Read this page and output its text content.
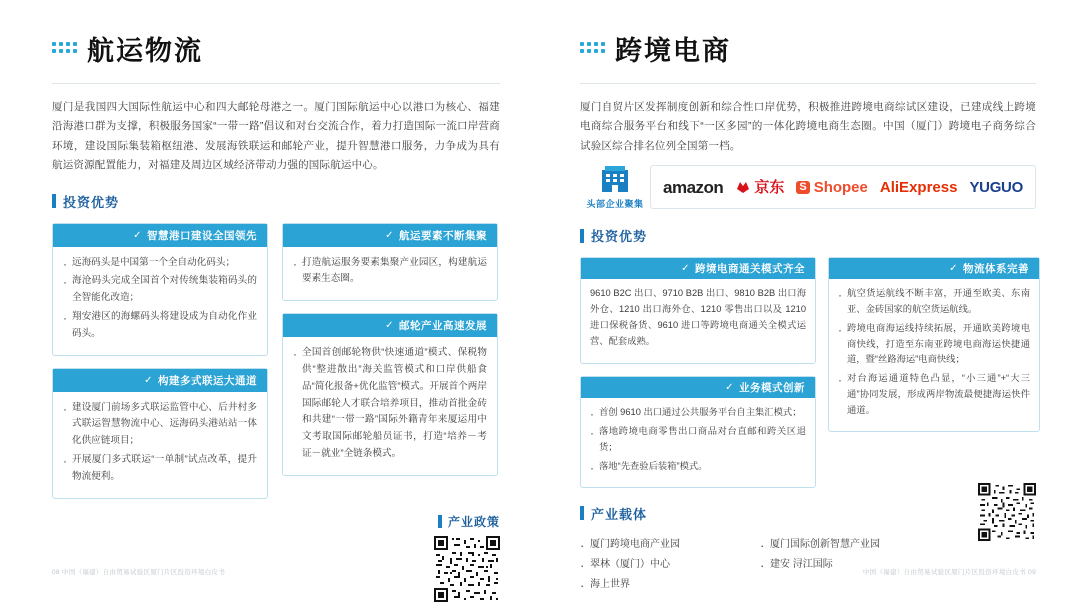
航运物流
厦门是我国四大国际性航运中心和四大邮轮母港之一。厦门国际航运中心以港口为核心、福建沿海港口群为支撑，积极服务国家“一带一路”倡议和对台交流合作，着力打造国际一流口岸营商环境，建设国际集装箱枢纽港、发展海铁联运和邮轮产业，提升智慧港口服务，力争成为具有航运资源配置能力，对福建及周边区域经济带动力强的国际航运中心。
投资优势
✓ 智慧港口建设全国领先
· 远海码头是中国第一个全自动化码头；
· 海沧码头完成全国首个对传统集装箱码头的全智能化改造；
· 翔安港区的海螺码头将建设成为自动化作业码头。
✓ 构建多式联运大通道
· 建设厦门前场多式联运监管中心、后井村多式联运智慧物流中心、远海码头港站站一体化供应链项目；
· 开展厦门多式联运“一单制”试点改革，提升物流便利。
✓ 航运要素不断集聚
· 打造航运服务要素集聚产业园区，构建航运要素生态圈。
✓ 邮轮产业高速发展
· 全国首创邮轮物供“快速通道”模式、保税物供“整进散出”海关监管模式和口岸供船食品“简化报备+优化监管”模式。开展首个两岸国际邮轮人才联合培养项目，推动首批金砖和共建“一带一路”国际外籍青年来厦运用中文考取国际邮轮船员证书，打造“培养－考证－就业”全链条模式。
产业政策
08 中国（福建）自由贸易试验区厦门片区投资环境白皮书
跨境电商
厦门自贸片区发挥制度创新和综合性口岸优势，积极推进跨境电商综试区建设，已建成线上跨境电商综合服务平台和线下“一区多园”的一体化跨境电商生态圈。中国（厦门）跨境电子商务综合试验区综合排名位列全国第一档。
头部企业聚集
amazon 京东 S Shopee AliExpress YUGUO
投资优势
✓ 跨境电商通关模式齐全

9610 B2C 出口、9710 B2B 出口、9810 B2B 出口海外仓、1210 出口海外仓、1210 零售出口以及 1210 进口保税备货、9610 进口等跨境电商通关全模式运营、配套成熟。

✓ 业务模式创新
· 首创 9610 出口通过公共服务平台自主集汇模式；
· 落地跨境电商零售出口商品对台直邮和跨关区退货；
· 落地“先查验后装箱”模式。
✓ 物流体系完善
· 航空货运航线不断丰富，开通至欧美、东南亚、金砖国家的航空货运航线。
· 跨境电商海运线持续拓展，开通欧美跨境电商快线，打造至东南亚跨境电商海运快捷通道，暨“丝路海运”电商快线；
· 对台海运通道特色凸显，“小三通”+“大三通”协同发展，形成两岸物流最便捷海运快件通道。
产业载体
· 厦门跨境电商产业园
· 翠林（厦门）中心
· 海上世界
· 厦门国际创新智慧产业园
· 建安 浔江国际
中国（福建）自由贸易试验区厦门片区投资环境白皮书 09
